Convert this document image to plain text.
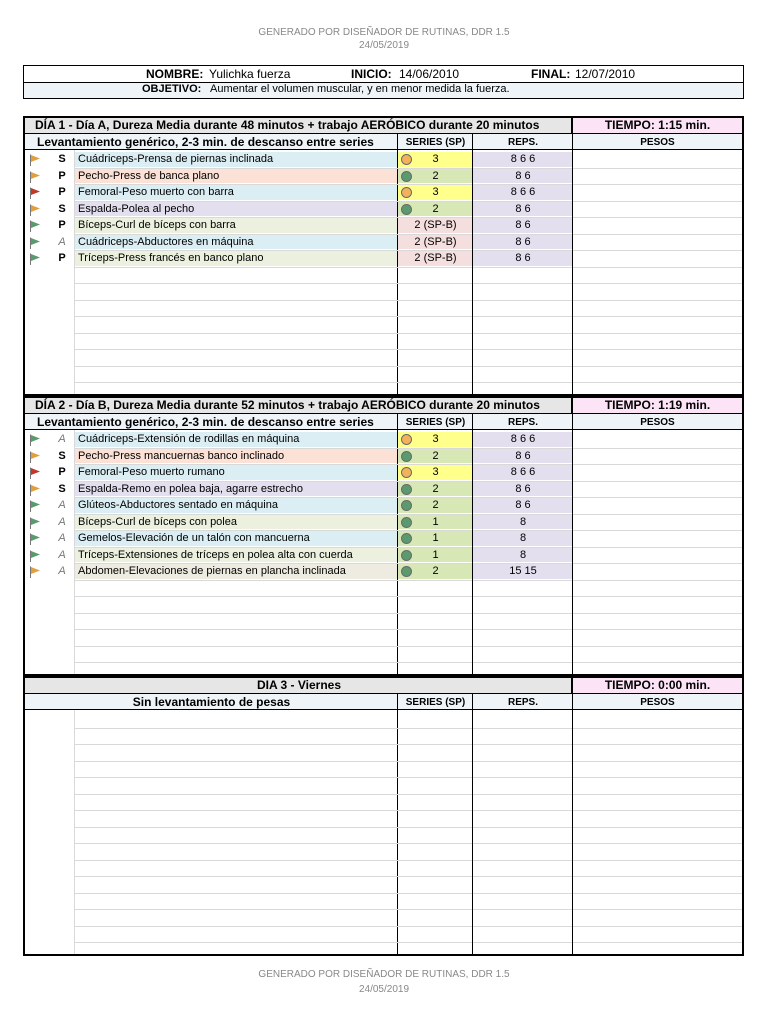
GENERADO POR DISEÑADOR DE RUTINAS, DDR 1.5
24/05/2019
NOMBRE: Yulichka fuerza	INICIO: 14/06/2010	FINAL: 12/07/2010
OBJETIVO: Aumentar el volumen muscular, y en menor medida la fuerza.
DÍA 1 - Día A, Dureza Media durante 48 minutos + trabajo AERÓBICO durante 20 minutos	TIEMPO: 1:15 min.
Levantamiento genérico, 2-3 min. de descanso entre series	SERIES (SP)	REPS.	PESOS
S	Cuádriceps-Prensa de piernas inclinada	3	8 6 6
P	Pecho-Press de banca plano	2	8 6
P	Femoral-Peso muerto con barra	3	8 6 6
S	Espalda-Polea al pecho	2	8 6
P	Bíceps-Curl de bíceps con barra	2 (SP-B)	8 6
A	Cuádriceps-Abductores en máquina	2 (SP-B)	8 6
P	Tríceps-Press francés en banco plano	2 (SP-B)	8 6
DÍA 2 - Día B, Dureza Media durante 52 minutos + trabajo AERÓBICO durante 20 minutos	TIEMPO: 1:19 min.
Levantamiento genérico, 2-3 min. de descanso entre series	SERIES (SP)	REPS.	PESOS
A	Cuádriceps-Extensión de rodillas en máquina	3	8 6 6
S	Pecho-Press mancuernas banco inclinado	2	8 6
P	Femoral-Peso muerto rumano	3	8 6 6
S	Espalda-Remo en polea baja, agarre estrecho	2	8 6
A	Glúteos-Abductores sentado en máquina	2	8 6
A	Bíceps-Curl de bíceps con polea	1	8
A	Gemelos-Elevación de un talón con mancuerna	1	8
A	Tríceps-Extensiones de tríceps en polea alta con cuerda	1	8
A	Abdomen-Elevaciones de piernas en plancha inclinada	2	15 15
DIA 3 - Viernes	TIEMPO: 0:00 min.
Sin levantamiento de pesas	SERIES (SP)	REPS.	PESOS
GENERADO POR DISEÑADOR DE RUTINAS, DDR 1.5
24/05/2019
